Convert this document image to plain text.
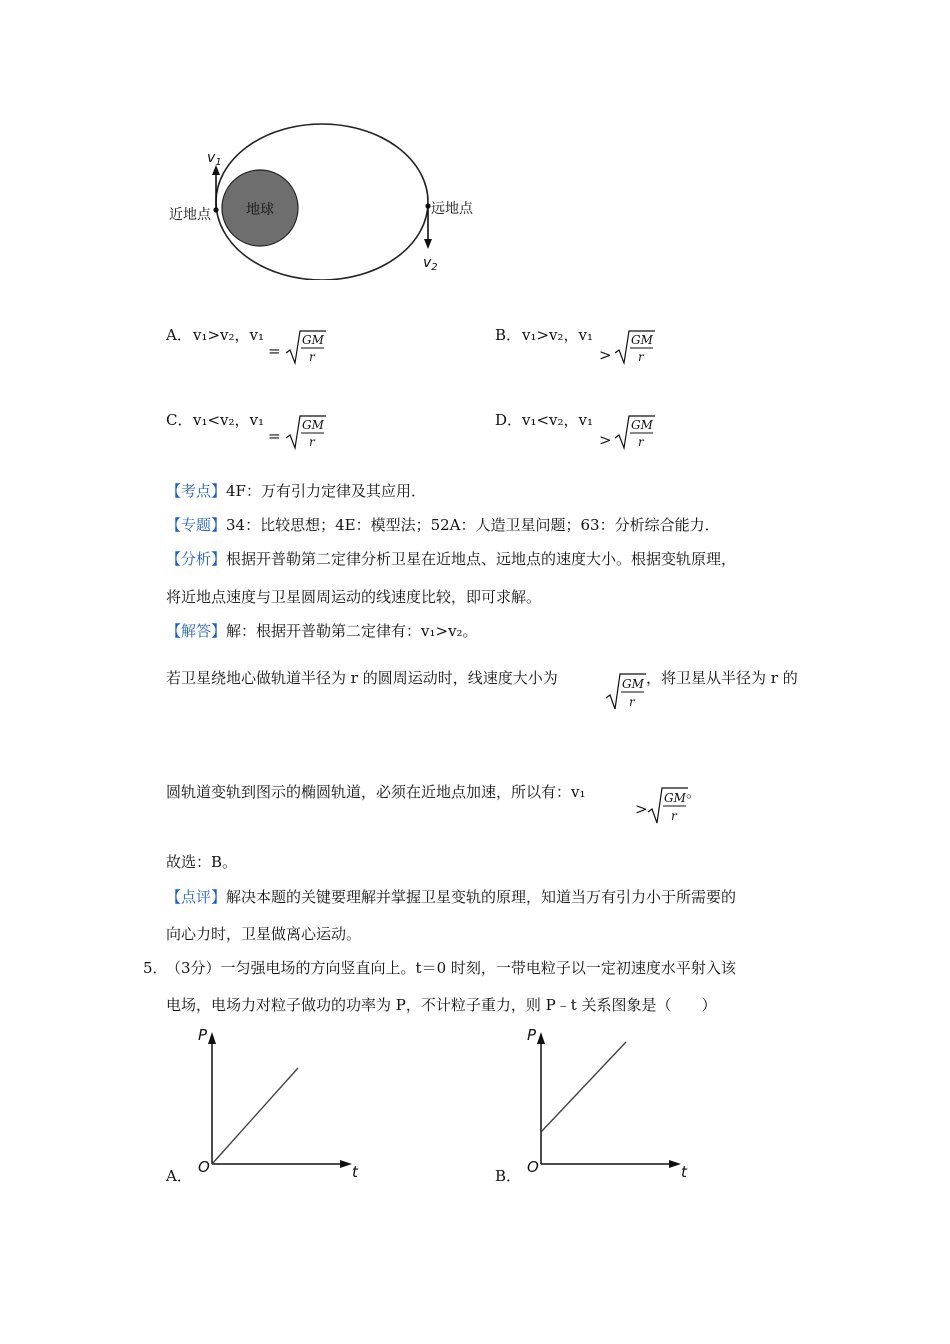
地球
$v_1$
近地点
$v_2$
远地点
A． v₁>v₂，v₁
=
GM
r
B． v₁>v₂，v₁
>
GM
r
C． v₁<v₂，v₁
=
GM
r
D． v₁<v₂，v₁
>
GM
r
【考点】4F：万有引力定律及其应用．
【专题】34：比较思想；4E：模型法；52A：人造卫星问题；63：分析综合能力．
【分析】根据开普勒第二定律分析卫星在近地点、远地点的速度大小。根据变轨原理，
将近地点速度与卫星圆周运动的线速度比较，即可求解。
【解答】解：根据开普勒第二定律有：v₁>v₂。
若卫星绕地心做轨道半径为 r 的圆周运动时，线速度大小为	GM
r
，将卫星从半径为 r 的
圆轨道变轨到图示的椭圆轨道，必须在近地点加速，所以有：v₁
>
GM
r
。
故选：B。
【点评】解决本题的关键要理解并掌握卫星变轨的原理，知道当万有引力小于所需要的
向心力时，卫星做离心运动。
5．
（3分）一匀强电场的方向竖直向上。t＝0 时刻，一带电粒子以一定初速度水平射入该
电场，电场力对粒子做功的功率为 P，不计粒子重力，则 P﹣t 关系图象是（　　）
A．
P
O	t	B．
P
O	t
